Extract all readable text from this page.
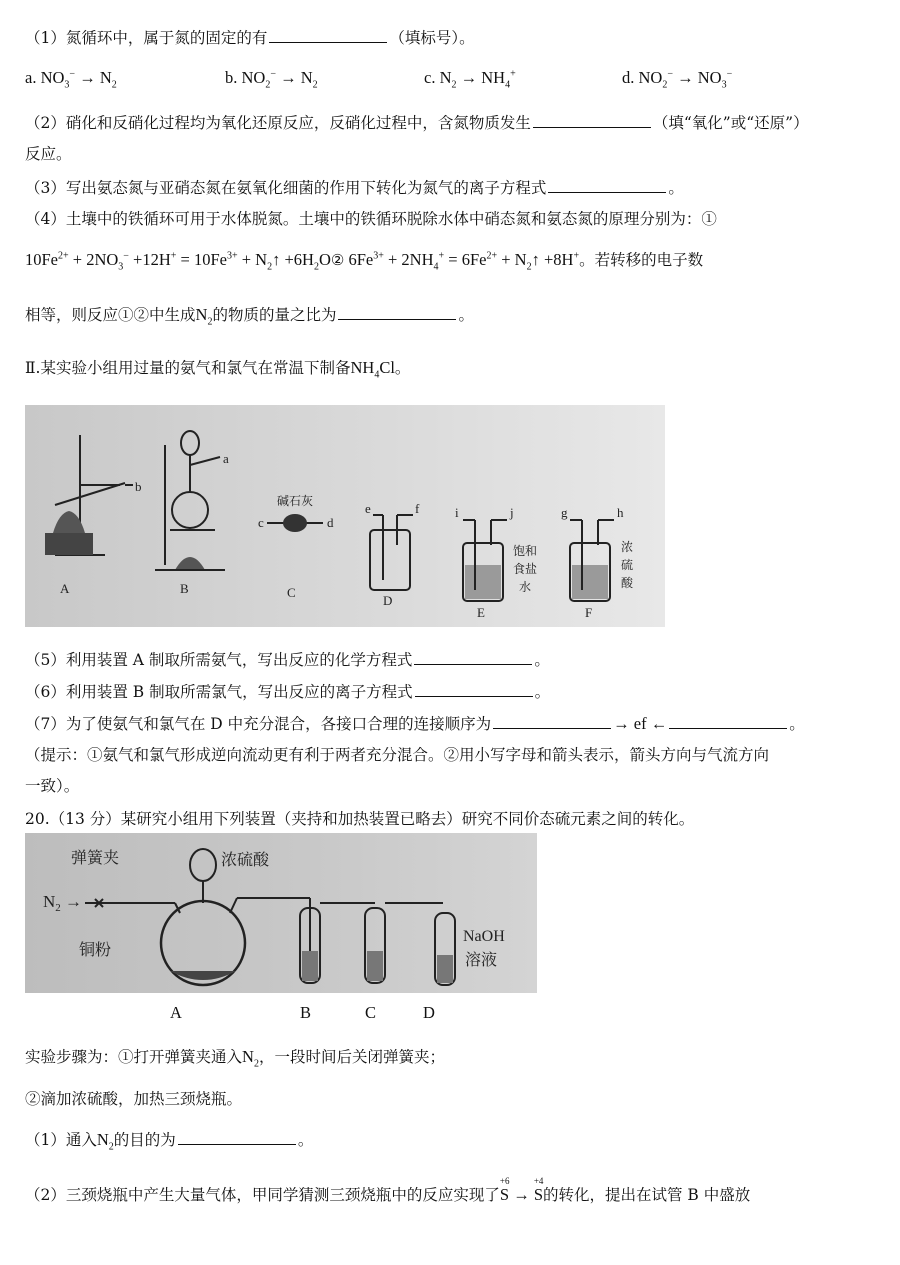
（1）氮循环中，属于氮的固定的有	（填标号）。
a. $NO_3^- \to N_2$	b. $NO_2^- \to N_2$	c. $N_2 \to NH_4^+$	d. $NO_2^- \to NO_3^-$
（2）硝化和反硝化过程均为氧化还原反应，反硝化过程中，含氮物质发生	（填“氧化”或“还原”）
反应。
（3）写出氨态氮与亚硝态氮在氨氧化细菌的作用下转化为氮气的离子方程式	。
（4）土壤中的铁循环可用于水体脱氮。土壤中的铁循环脱除水体中硝态氮和氨态氮的原理分别为：①
$10Fe^{2+} + 2NO_3^- +12H^+ = 10Fe^{3+}$ + $N_2↑$ $+6H_2O②$ $6Fe^{3+} + 2NH_4^+ = 6Fe^{2+}$ + $N_2↑ +8H^+$。若转移的电子数
相等，则反应①②中生成$N_2$的物质的量之比为	。
Ⅱ.某实验小组用过量的氨气和氯气在常温下制备$NH_4Cl$。
A	B	C
D
E	F
a
b
c	d
e	f	g	h
i	j
碱石灰
饱和
食盐
水
浓
硫
酸
（5）利用装置 A 制取所需氨气，写出反应的化学方程式	。
（6）利用装置 B 制取所需氯气，写出反应的离子方程式	。
（7）为了使氨气和氯气在 D 中充分混合，各接口合理的连接顺序为	→ ef ←	。
（提示：①氨气和氯气形成逆向流动更有利于两者充分混合。②用小写字母和箭头表示，箭头方向与气流方向
一致）。
20.（13 分）某研究小组用下列装置（夹持和加热装置已略去）研究不同价态硫元素之间的转化。
弹簧夹	浓硫酸
铜粉
$N_2$ →
NaOH
溶液
A	B	C	D
实验步骤为：①打开弹簧夹通入$N_2$，一段时间后关闭弹簧夹；
②滴加浓硫酸，加热三颈烧瓶。
（1）通入$N_2$的目的为	。
（2）三颈烧瓶中产生大量气体，甲同学猜测三颈烧瓶中的反应实现了
+6
S →
+4
S的转化，提出在试管 B 中盛放
